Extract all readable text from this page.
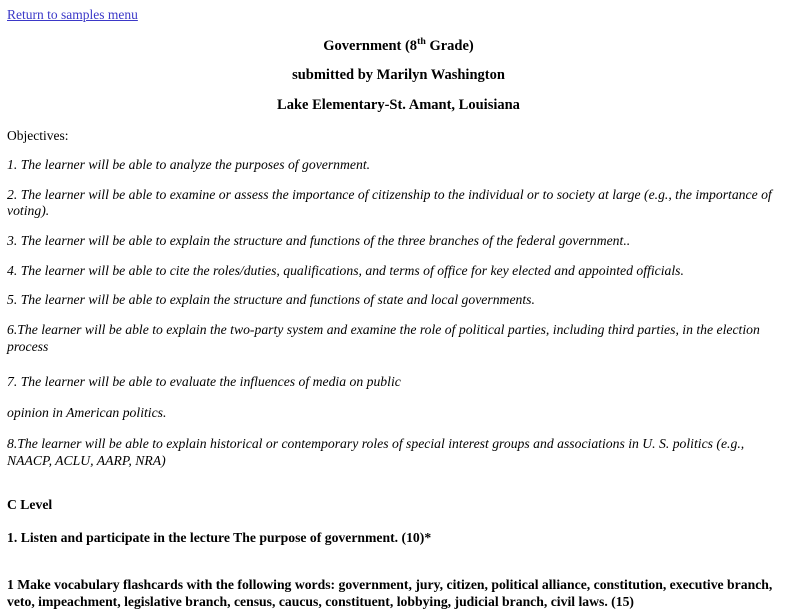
Return to samples menu

Government (8th Grade)

submitted by Marilyn Washington

Lake Elementary-St. Amant, Louisiana

Objectives:

1. The learner will be able to analyze the purposes of government.

2. The learner will be able to examine or assess the importance of citizenship to the individual or to society at large (e.g., the importance of voting).

3. The learner will be able to explain the structure and functions of the three branches of the federal government..

4. The learner will be able to cite the roles/duties, qualifications, and terms of office for key elected and appointed officials.

5. The learner will be able to explain the structure and functions of state and local governments.

6.The learner will be able to explain the two-party system and examine the role of political parties, including third parties, in the election process

7. The learner will be able to evaluate the influences of media on public

opinion in American politics.

8.The learner will be able to explain historical or contemporary roles of special interest groups and associations in U. S. politics (e.g., NAACP, ACLU, AARP, NRA)

C Level

1. Listen and participate in the lecture The purpose of government. (10)*

1 Make vocabulary flashcards with the following words: government, jury, citizen, political alliance, constitution, executive branch, veto, impeachment, legislative branch, census, caucus, constituent, lobbying, judicial branch, civil laws. (15)
